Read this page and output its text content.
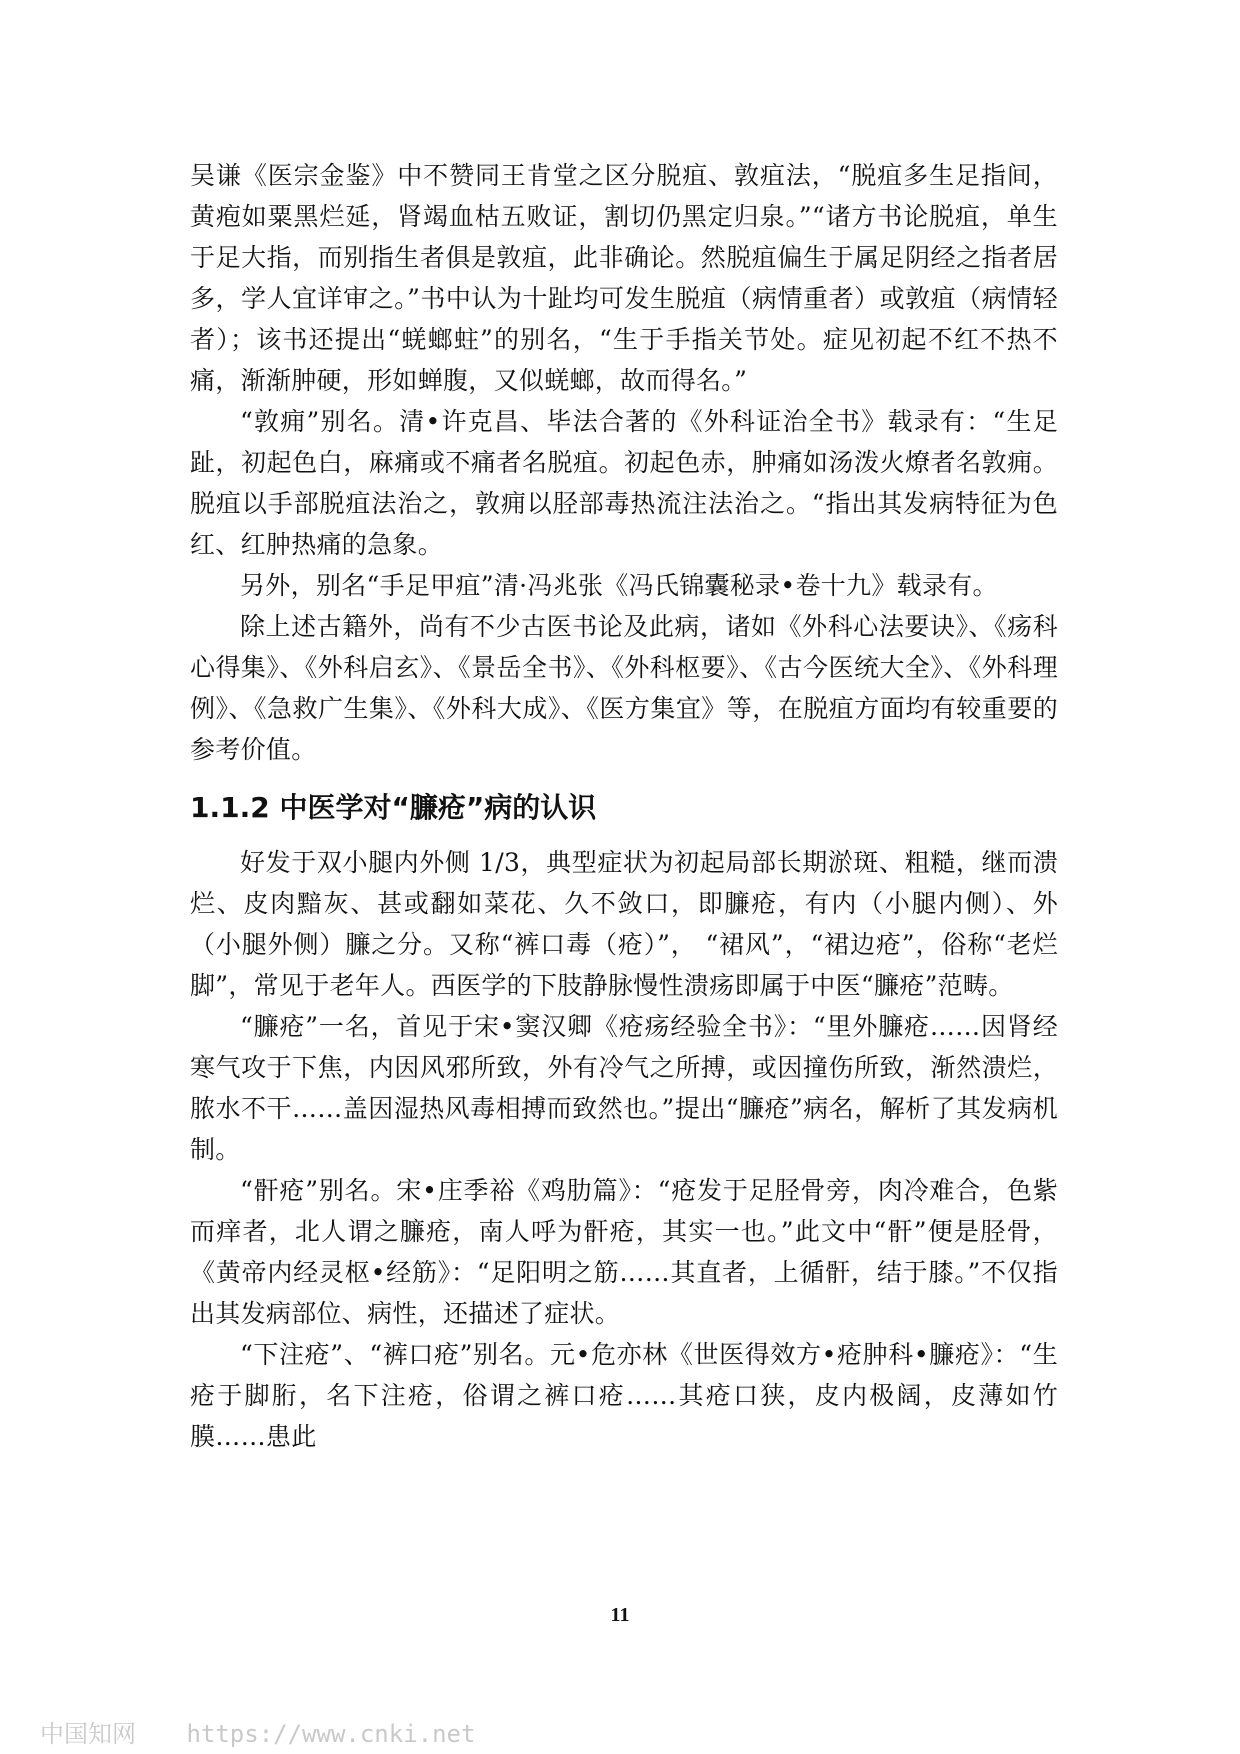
吴谦《医宗金鉴》中不赞同王肯堂之区分脱疽、敦疽法，“脱疽多生足指间，黄疱如粟黑烂延，肾竭血枯五败证，割切仍黑定归泉。”“诸方书论脱疽，单生于足大指，而别指生者俱是敦疽，此非确论。然脱疽偏生于属足阴经之指者居多，学人宜详审之。”书中认为十趾均可发生脱疽（病情重者）或敦疽（病情轻者）；该书还提出“蜣螂蛀”的别名，“生于手指关节处。症见初起不红不热不痛，渐渐肿硬，形如蝉腹，又似蜣螂，故而得名。”

“敦痈”别名。清•许克昌、毕法合著的《外科证治全书》载录有：“生足趾，初起色白，麻痛或不痛者名脱疽。初起色赤，肿痛如汤泼火燎者名敦痈。脱疽以手部脱疽法治之，敦痈以胫部毒热流注法治之。“指出其发病特征为色红、红肿热痛的急象。

另外，别名“手足甲疽”清·冯兆张《冯氏锦囊秘录•卷十九》载录有。

除上述古籍外，尚有不少古医书论及此病，诸如《外科心法要诀》、《疡科心得集》、《外科启玄》、《景岳全书》、《外科枢要》、《古今医统大全》、《外科理例》、《急救广生集》、《外科大成》、《医方集宜》等，在脱疽方面均有较重要的参考价值。

1.1.2 中医学对“臁疮”病的认识

好发于双小腿内外侧 1/3，典型症状为初起局部长期淤斑、粗糙，继而溃烂、皮肉黯灰、甚或翻如菜花、久不敛口，即臁疮，有内（小腿内侧）、外（小腿外侧）臁之分。又称“裤口毒（疮）”， “裙风”，“裙边疮”，俗称“老烂脚”，常见于老年人。西医学的下肢静脉慢性溃疡即属于中医“臁疮”范畴。

“臁疮”一名，首见于宋•窦汉卿《疮疡经验全书》：“里外臁疮……因肾经寒气攻于下焦，内因风邪所致，外有冷气之所搏，或因撞伤所致，渐然溃烂，脓水不干……盖因湿热风毒相搏而致然也。”提出“臁疮”病名，解析了其发病机制。

“骭疮”别名。宋•庄季裕《鸡肋篇》：“疮发于足胫骨旁，肉冷难合，色紫而痒者，北人谓之臁疮，南人呼为骭疮，其实一也。”此文中“骭”便是胫骨，《黄帝内经灵枢•经筋》：“足阳明之筋……其直者，上循骭，结于膝。”不仅指出其发病部位、病性，还描述了症状。

“下注疮”、“裤口疮”别名。元•危亦林《世医得效方•疮肿科•臁疮》：“生疮于脚胻，名下注疮，俗谓之裤口疮……其疮口狭，皮内极阔，皮薄如竹膜……患此

11
中国知网 https://www.cnki.net
